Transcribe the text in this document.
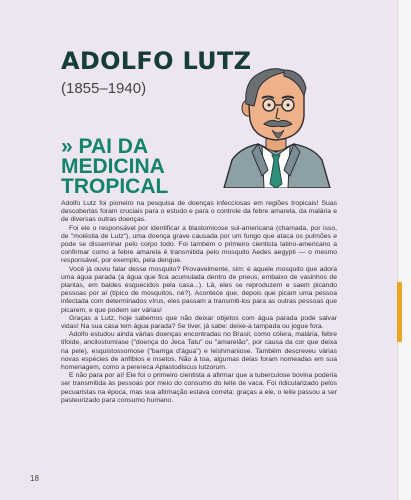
ADOLFO LUTZ
(1855–1940)
» PAI DA
MEDICINA
TROPICAL

Adolfo Lutz foi pioneiro na pesquisa de doenças infecciosas em regiões tropicais! Suas descobertas foram cruciais para o estudo e para o controle da febre amarela, da malária e de diversas outras doenças.

Foi ele o responsável por identificar a blastomicose sul-americana (chamada, por isso, de "moléstia de Lutz"), uma doença grave causada por um fungo que ataca os pulmões e pode se disseminar pelo corpo todo. Foi também o primeiro cientista latino-americano a confirmar como a febre amarela é transmitida pelo mosquito Aedes aegypti — o mesmo responsável, por exemplo, pela dengue.

Você já ouviu falar desse mosquito? Provavelmente, sim: é aquele mosquito que adora uma água parada (a água que fica acumulada dentro de pneus, embaixo de vasinhos de plantas, em baldes esquecidos pela casa...). Lá, eles se reproduzem e saem picando pessoas por aí (típico de mosquitos, né?). Acontece que, depois que picam uma pessoa infectada com determinados vírus, eles passam a transmiti-los para as outras pessoas que picarem, e que podem ser várias!

Graças a Lutz, hoje sabemos que não deixar objetos com água parada pode salvar vidas! Na sua casa tem água parada? Se tiver, já sabe: deixe-a tampada ou jogue fora.

Adolfo estudou ainda várias doenças encontradas no Brasil, como cólera, malária, febre tifoide, ancilostomíase ("doença do Jeca Tatu" ou "amarelão", por causa da cor que deixa na pele), esquistossomose ("barriga d'água") e leishmaniose. Também descreveu várias novas espécies de anfíbios e insetos. Não à toa, algumas delas foram nomeadas em sua homenagem, como a perereca Aplastodiscus lutzorum.

E não para por aí! Ele foi o primeiro cientista a afirmar que a tuberculose bovina poderia ser transmitida às pessoas por meio do consumo do leite de vaca. Foi ridicularizado pelos pecuaristas na época, mas sua afirmação estava correta: graças a ele, o leite passou a ser pasteurizado para consumo humano.

18
